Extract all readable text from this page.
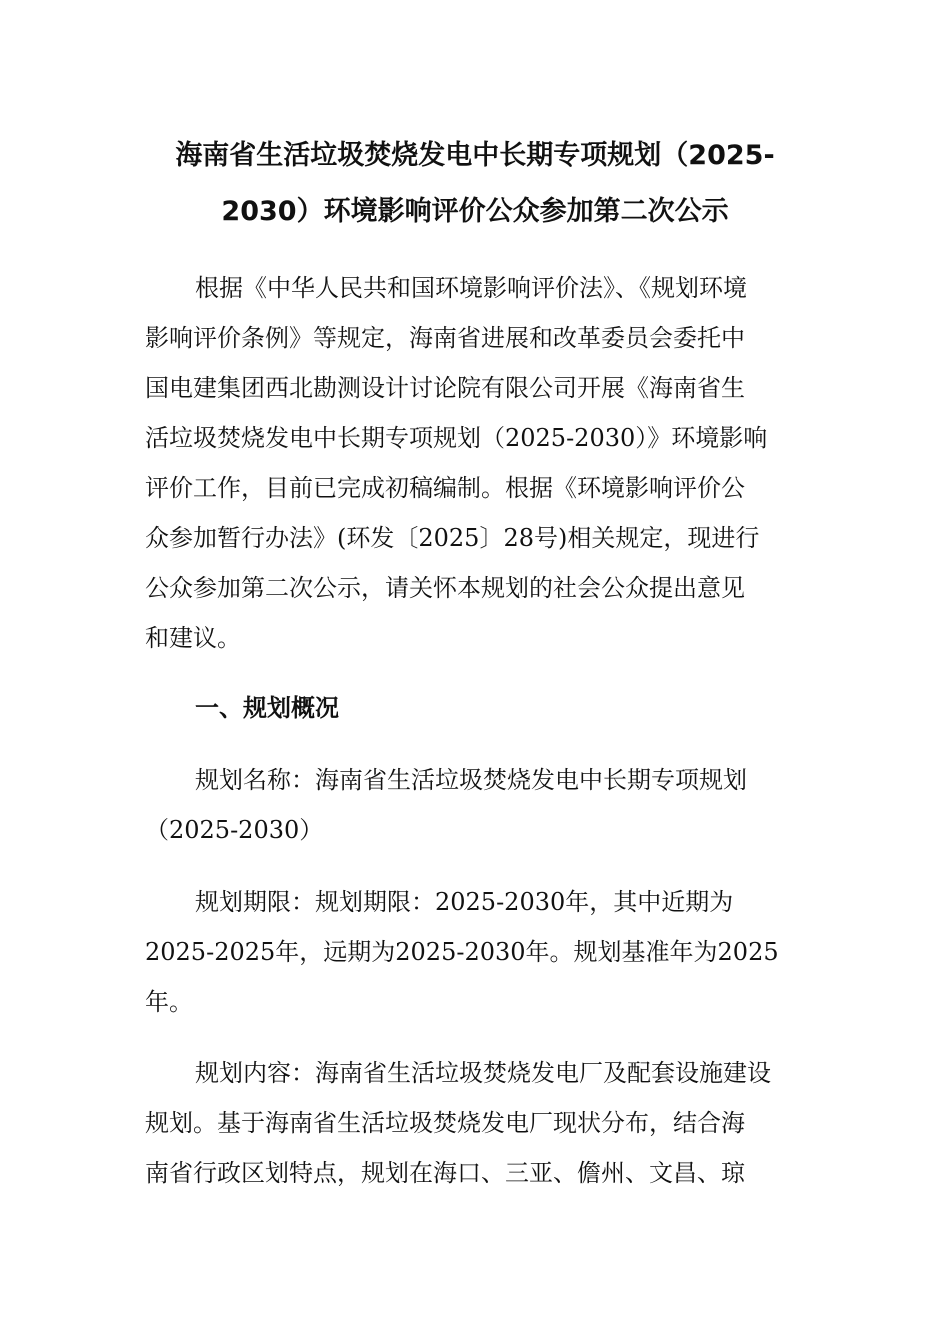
海南省生活垃圾焚烧发电中长期专项规划（2025-
2030）环境影响评价公众参加第二次公示
根据《中华人民共和国环境影响评价法》、《规划环境
影响评价条例》等规定，海南省进展和改革委员会委托中
国电建集团西北勘测设计讨论院有限公司开展《海南省生
活垃圾焚烧发电中长期专项规划（2025-2030）》环境影响
评价工作，目前已完成初稿编制。根据《环境影响评价公
众参加暂行办法》(环发〔2025〕28号)相关规定，现进行
公众参加第二次公示，请关怀本规划的社会公众提出意见
和建议。
一、规划概况
规划名称：海南省生活垃圾焚烧发电中长期专项规划
（2025-2030）
规划期限：规划期限：2025-2030年，其中近期为
2025-2025年，远期为2025-2030年。规划基准年为2025
年。
规划内容：海南省生活垃圾焚烧发电厂及配套设施建设
规划。基于海南省生活垃圾焚烧发电厂现状分布，结合海
南省行政区划特点，规划在海口、三亚、儋州、文昌、琼
